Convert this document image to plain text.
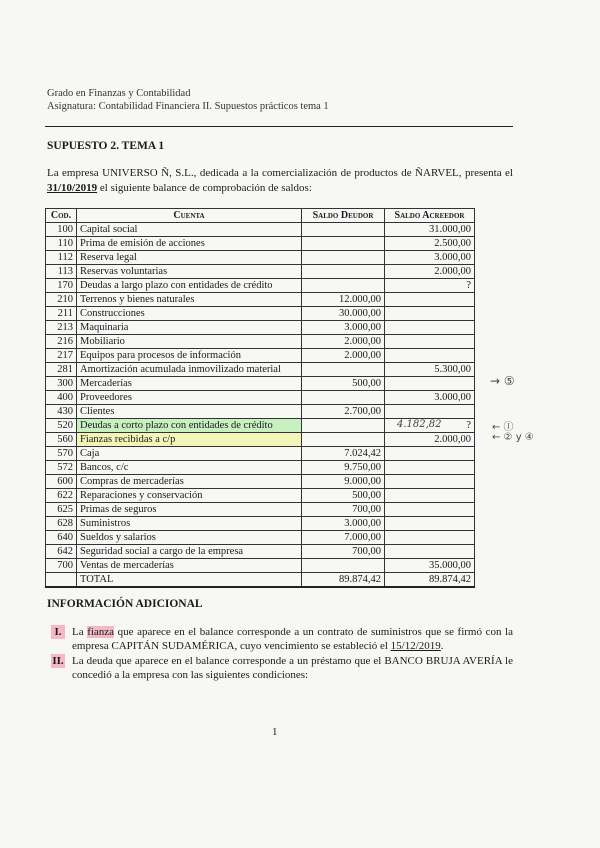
Grado en Finanzas y Contabilidad
Asignatura: Contabilidad Financiera II. Supuestos prácticos tema 1
SUPUESTO 2. TEMA 1
La empresa UNIVERSO Ñ, S.L., dedicada a la comercialización de productos de ÑARVEL, presenta el 31/10/2019 el siguiente balance de comprobación de saldos:
Cod.	Cuenta	Saldo Deudor	Saldo Acreedor
100	Capital social		31.000,00
110	Prima de emisión de acciones		2.500,00
112	Reserva legal		3.000,00
113	Reservas voluntarias		2.000,00
170	Deudas a largo plazo con entidades de crédito		?
210	Terrenos y bienes naturales	12.000,00	
211	Construcciones	30.000,00	
213	Maquinaria	3.000,00	
216	Mobiliario	2.000,00	
217	Equipos para procesos de información	2.000,00	
281	Amortización acumulada inmovilizado material		5.300,00
300	Mercaderías	500,00	
400	Proveedores		3.000,00
430	Clientes	2.700,00	
520	Deudas a corto plazo con entidades de crédito		?
560	Fianzas recibidas a c/p		2.000,00
570	Caja	7.024,42	
572	Bancos, c/c	9.750,00	
600	Compras de mercaderías	9.000,00	
622	Reparaciones y conservación	500,00	
625	Primas de seguros	700,00	
628	Suministros	3.000,00	
640	Sueldos y salarios	7.000,00	
642	Seguridad social a cargo de la empresa	700,00	
700	Ventas de mercaderías		35.000,00
	TOTAL	89.874,42	89.874,42
→ ⑤
4.182,82	← Ⓘ
← ② y ④
INFORMACIÓN ADICIONAL
I. La fianza que aparece en el balance corresponde a un contrato de suministros que se firmó con la empresa CAPITÁN SUDAMÉRICA, cuyo vencimiento se estableció el 15/12/2019.
II. La deuda que aparece en el balance corresponde a un préstamo que el BANCO BRUJA AVERÍA le concedió a la empresa con las siguientes condiciones:
1
